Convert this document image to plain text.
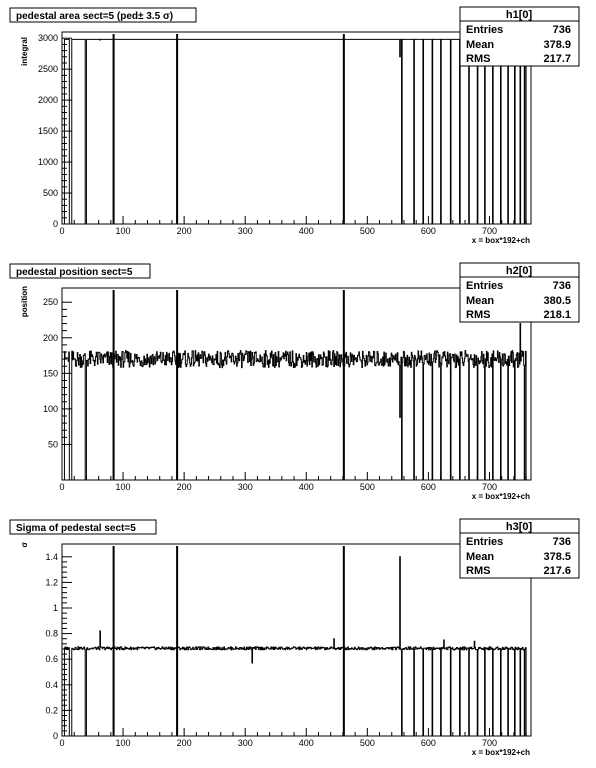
pedestal area sect=5 (ped± 3.5 σ)
integral
x = box*192+ch
0
500
1000
1500
2000
2500
3000
0	100	200	300	400	500	600	700
h1[0]
Entries	736
Mean	378.9
RMS	217.7
pedestal position sect=5
position
x = box*192+ch
50
100
150
200
250
0	100	200	300	400	500	600	700
h2[0]
Entries	736
Mean	380.5
RMS	218.1
Sigma of pedestal sect=5
σ
x = box*192+ch
0
0.2
0.4
0.6
0.8
1
1.2
1.4
0	100	200	300	400	500	600	700
h3[0]
Entries	736
Mean	378.5
RMS	217.6
